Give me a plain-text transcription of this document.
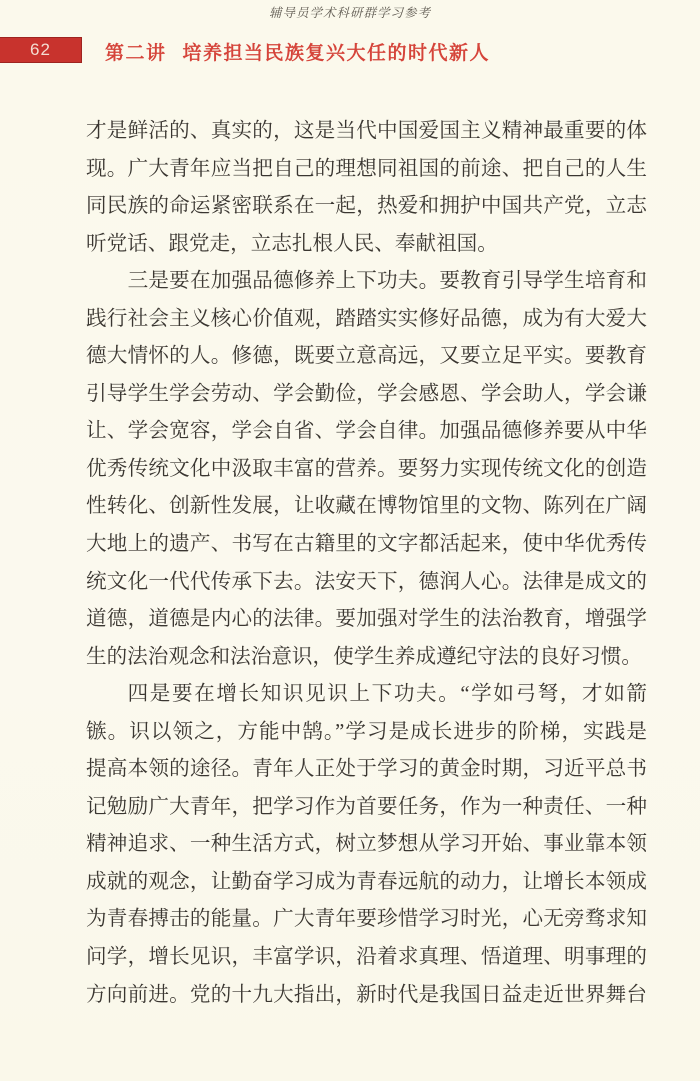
辅导员学术科研群学习参考
62	第二讲 培养担当民族复兴大任的时代新人
才是鲜活的、真实的，这是当代中国爱国主义精神最重要的体
现。广大青年应当把自己的理想同祖国的前途、把自己的人生
同民族的命运紧密联系在一起，热爱和拥护中国共产党，立志
听党话、跟党走，立志扎根人民、奉献祖国。
三是要在加强品德修养上下功夫。要教育引导学生培育和
践行社会主义核心价值观，踏踏实实修好品德，成为有大爱大
德大情怀的人。修德，既要立意高远，又要立足平实。要教育
引导学生学会劳动、学会勤俭，学会感恩、学会助人，学会谦
让、学会宽容，学会自省、学会自律。加强品德修养要从中华
优秀传统文化中汲取丰富的营养。要努力实现传统文化的创造
性转化、创新性发展，让收藏在博物馆里的文物、陈列在广阔
大地上的遗产、书写在古籍里的文字都活起来，使中华优秀传
统文化一代代传承下去。法安天下，德润人心。法律是成文的
道德，道德是内心的法律。要加强对学生的法治教育，增强学
生的法治观念和法治意识，使学生养成遵纪守法的良好习惯。
四是要在增长知识见识上下功夫。“学如弓弩，才如箭
镞。识以领之，方能中鹄。”学习是成长进步的阶梯，实践是
提高本领的途径。青年人正处于学习的黄金时期，习近平总书
记勉励广大青年，把学习作为首要任务，作为一种责任、一种
精神追求、一种生活方式，树立梦想从学习开始、事业靠本领
成就的观念，让勤奋学习成为青春远航的动力，让增长本领成
为青春搏击的能量。广大青年要珍惜学习时光，心无旁骛求知
问学，增长见识，丰富学识，沿着求真理、悟道理、明事理的
方向前进。党的十九大指出，新时代是我国日益走近世界舞台
